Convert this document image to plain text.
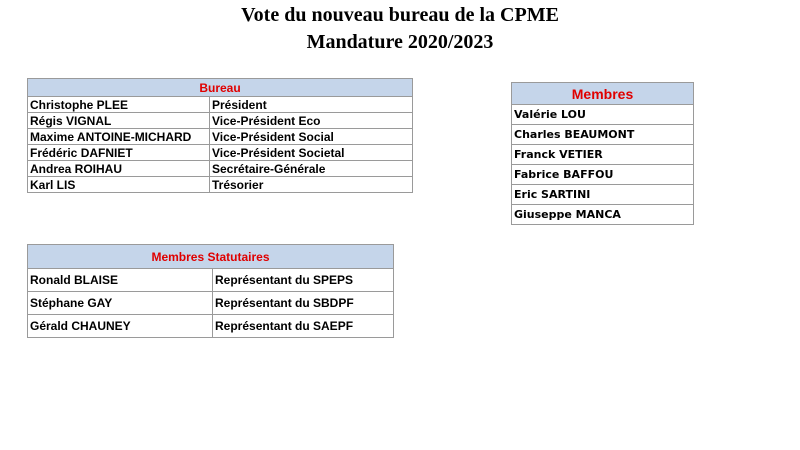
Vote du nouveau bureau de la CPME
Mandature 2020/2023
Bureau	
Christophe PLEE	Président
Régis VIGNAL	Vice-Président Eco
Maxime ANTOINE-MICHARD	Vice-Président Social
Frédéric DAFNIET	Vice-Président Societal
Andrea ROIHAU	Secrétaire-Générale
Karl LIS	Trésorier
Membres
Valérie LOU
Charles BEAUMONT
Franck VETIER
Fabrice BAFFOU
Eric SARTINI
Giuseppe MANCA
Membres Statutaires	
Ronald BLAISE	Représentant du SPEPS
Stéphane GAY	Représentant du SBDPF
Gérald CHAUNEY	Représentant du SAEPF
